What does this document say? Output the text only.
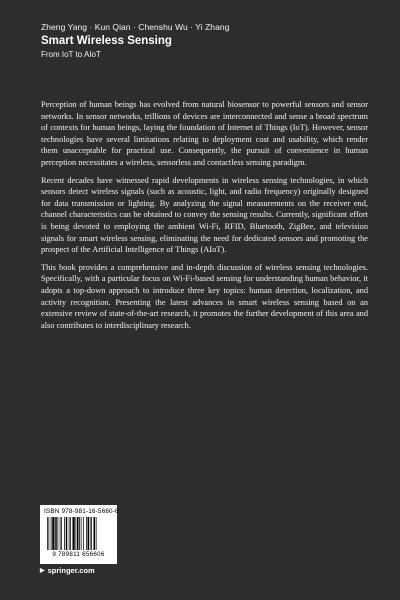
Zheng Yang · Kun Qian · Chenshu Wu · Yi Zhang
Smart Wireless Sensing
From IoT to AIoT

Perception of human beings has evolved from natural biosensor to powerful sensors and sensor networks. In sensor networks, trillions of devices are interconnected and sense a broad spectrum of contexts for human beings, laying the foundation of Internet of Things (IoT). However, sensor technologies have several limitations relating to deployment cost and usability, which render them unacceptable for practical use. Consequently, the pursuit of convenience in human perception necessitates a wireless, sensorless and contactless sensing paradigm.

Recent decades have witnessed rapid developments in wireless sensing technologies, in which sensors detect wireless signals (such as acoustic, light, and radio frequency) originally designed for data transmission or lighting. By analyzing the signal measurements on the receiver end, channel characteristics can be obtained to convey the sensing results. Currently, significant effort is being devoted to employing the ambient Wi-Fi, RFID, Bluetooth, ZigBee, and television signals for smart wireless sensing, eliminating the need for dedicated sensors and promoting the prospect of the Artificial Intelligence of Things (AIoT).

This book provides a comprehensive and in-depth discussion of wireless sensing technologies. Specifically, with a particular focus on Wi-Fi-based sensing for understanding human behavior, it adopts a top-down approach to introduce three key topics: human detection, localization, and activity recognition. Presenting the latest advances in smart wireless sensing based on an extensive review of state-of-the-art research, it promotes the further development of this area and also contributes to interdisciplinary research.

ISBN 978-981-16-5660-6
9 789811 656606
▶ springer.com
